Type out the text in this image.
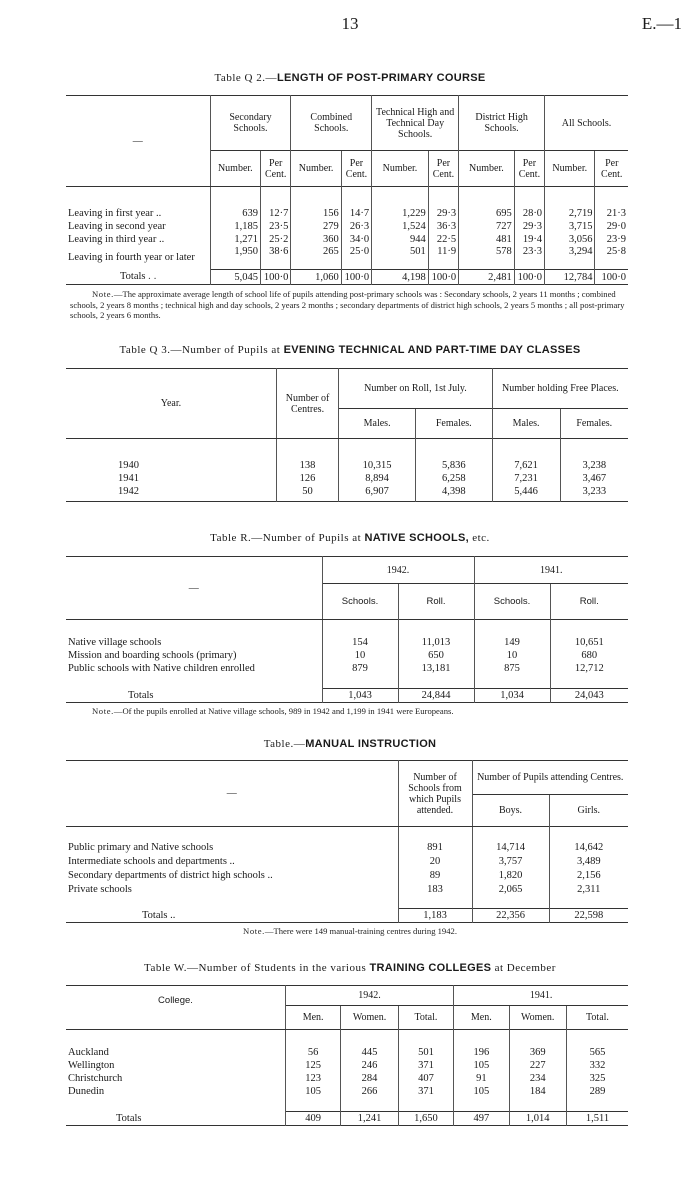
13	E.—1
Table Q 2.—LENGTH OF POST-PRIMARY COURSE
—	Secondary Schools.		Combined Schools.		Technical High and Technical Day Schools.		District High Schools.		All Schools.	
	Number.	Per Cent.	Number.	Per Cent.	Number.	Per Cent.	Number.	Per Cent.	Number.	Per Cent.

Leaving in first year ..	639	12·7	156	14·7	1,229	29·3	695	28·0	2,719	21·3
Leaving in second year	1,185	23·5	279	26·3	1,524	36·3	727	29·3	3,715	29·0
Leaving in third year ..	1,271	25·2	360	34·0	944	22·5	481	19·4	3,056	23·9
Leaving in fourth year or later	1,950	38·6	265	25·0	501	11·9	578	23·3	3,294	25·8
Totals ..	5,045	100·0	1,060	100·0	4,198	100·0	2,481	100·0	12,784	100·0
Note.—The approximate average length of school life of pupils attending post-primary schools was : Secondary schools, 2 years 11 months ; combined schools, 2 years 8 months ; technical high and day schools, 2 years 2 months ; secondary departments of district high schools, 2 years 5 months ; all post-primary schools, 2 years 6 months.
Table Q 3.—Number of Pupils at EVENING TECHNICAL AND PART-TIME DAY CLASSES
Year.	Number of Centres.	Number on Roll, 1st July.		Number holding Free Places.	
		Males.	Females.	Males.	Females.

1940	138	10,315	5,836	7,621	3,238
1941	126	8,894	6,258	7,231	3,467
1942	50	6,907	4,398	5,446	3,233

Table R.—Number of Pupils at NATIVE SCHOOLS, etc.
—	1942.		1941.	
	Schools.	Roll.	Schools.	Roll.

Native village schools	154	11,013	149	10,651
Mission and boarding schools (primary)	10	650	10	680
Public schools with Native children enrolled	879	13,181	875	12,712

Totals	1,043	24,844	1,034	24,043
Note.—Of the pupils enrolled at Native village schools, 989 in 1942 and 1,199 in 1941 were Europeans.
Table.—MANUAL INSTRUCTION
—	Number of Schools from which Pupils attended.	Number of Pupils attending Centres.	
		Boys.	Girls.

Public primary and Native schools	891	14,714	14,642
Intermediate schools and departments ..	20	3,757	3,489
Secondary departments of district high schools ..	89	1,820	2,156
Private schools	183	2,065	2,311

Totals ..	1,183	22,356	22,598
Note.—There were 149 manual-training centres during 1942.
Table W.—Number of Students in the various TRAINING COLLEGES at December
College.	1942.			1941.		
	Men.	Women.	Total.	Men.	Women.	Total.

Auckland	56	445	501	196	369	565
Wellington	125	246	371	105	227	332
Christchurch	123	284	407	91	234	325
Dunedin	105	266	371	105	184	289

Totals	409	1,241	1,650	497	1,014	1,511
